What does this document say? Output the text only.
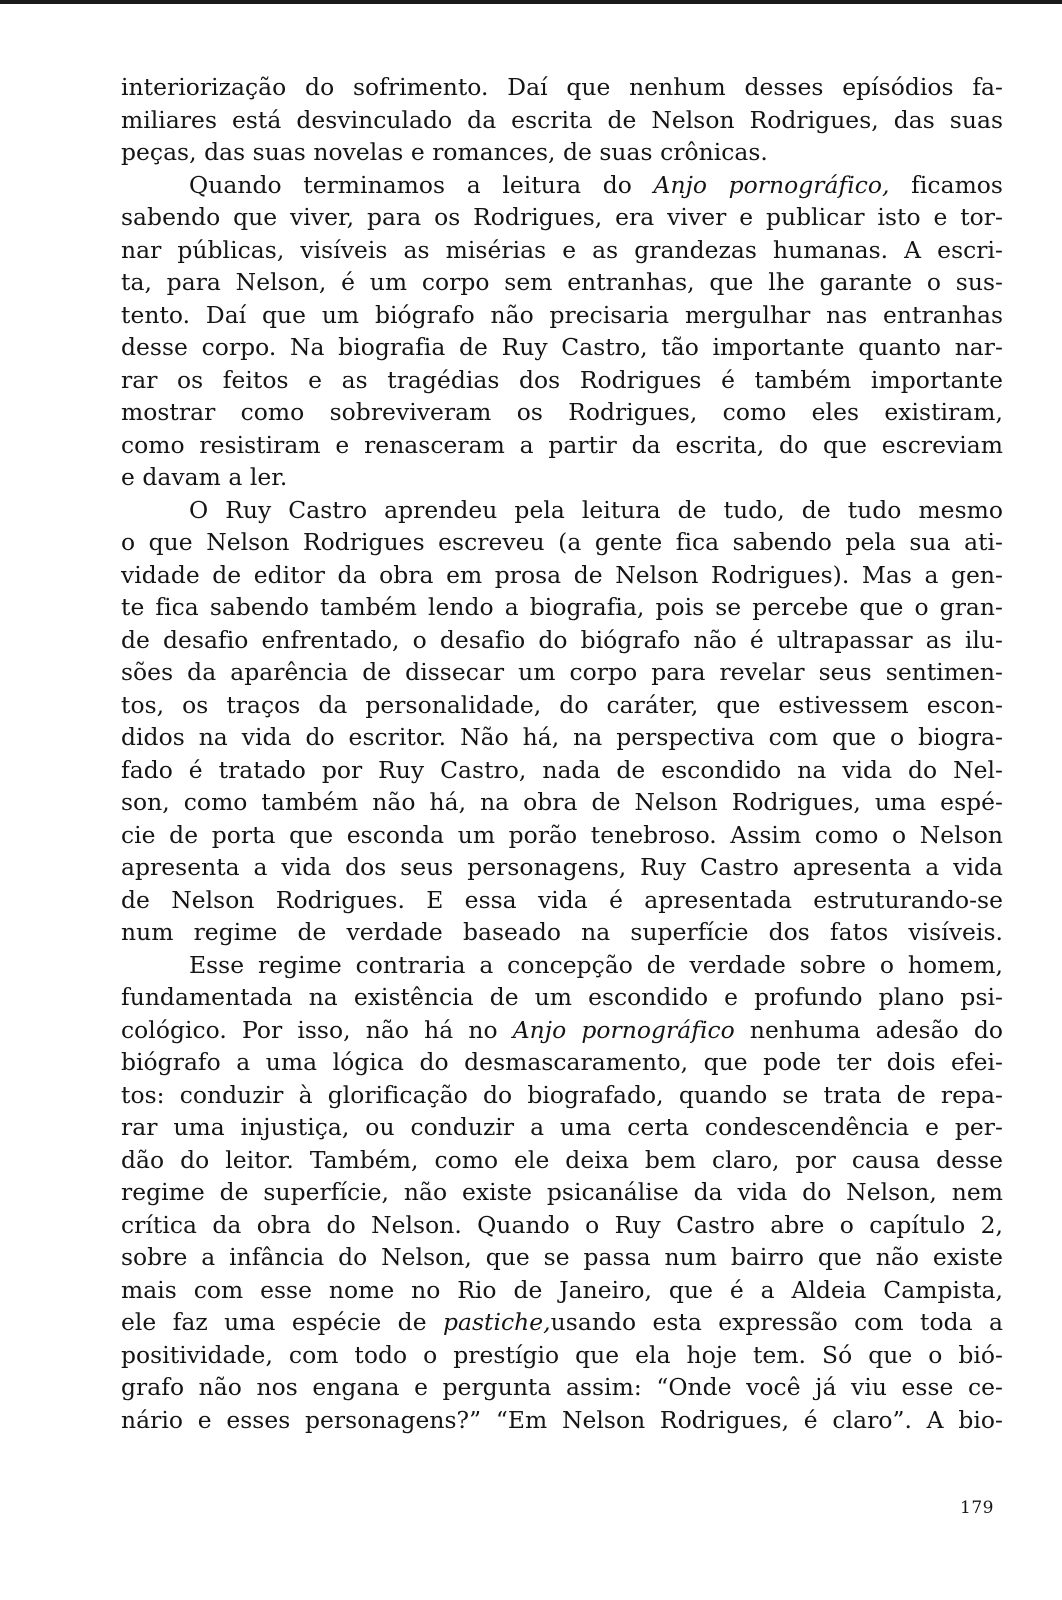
interiorização do sofrimento. Daí que nenhum desses epísódios fa-
miliares está desvinculado da escrita de Nelson Rodrigues, das suas
peças, das suas novelas e romances, de suas crônicas.
Quando terminamos a leitura do Anjo pornográfico, ficamos
sabendo que viver, para os Rodrigues, era viver e publicar isto e tor-
nar públicas, visíveis as misérias e as grandezas humanas. A escri-
ta, para Nelson, é um corpo sem entranhas, que lhe garante o sus-
tento. Daí que um biógrafo não precisaria mergulhar nas entranhas
desse corpo. Na biografia de Ruy Castro, tão importante quanto nar-
rar os feitos e as tragédias dos Rodrigues é também importante
mostrar como sobreviveram os Rodrigues, como eles existiram,
como resistiram e renasceram a partir da escrita, do que escreviam
e davam a ler.
O Ruy Castro aprendeu pela leitura de tudo, de tudo mesmo
o que Nelson Rodrigues escreveu (a gente fica sabendo pela sua ati-
vidade de editor da obra em prosa de Nelson Rodrigues). Mas a gen-
te fica sabendo também lendo a biografia, pois se percebe que o gran-
de desafio enfrentado, o desafio do biógrafo não é ultrapassar as ilu-
sões da aparência de dissecar um corpo para revelar seus sentimen-
tos, os traços da personalidade, do caráter, que estivessem escon-
didos na vida do escritor. Não há, na perspectiva com que o biogra-
fado é tratado por Ruy Castro, nada de escondido na vida do Nel-
son, como também não há, na obra de Nelson Rodrigues, uma espé-
cie de porta que esconda um porão tenebroso. Assim como o Nelson
apresenta a vida dos seus personagens, Ruy Castro apresenta a vida
de Nelson Rodrigues. E essa vida é apresentada estruturando-se
num regime de verdade baseado na superfície dos fatos visíveis.
Esse regime contraria a concepção de verdade sobre o homem,
fundamentada na existência de um escondido e profundo plano psi-
cológico. Por isso, não há no Anjo pornográfico nenhuma adesão do
biógrafo a uma lógica do desmascaramento, que pode ter dois efei-
tos: conduzir à glorificação do biografado, quando se trata de repa-
rar uma injustiça, ou conduzir a uma certa condescendência e per-
dão do leitor. Também, como ele deixa bem claro, por causa desse
regime de superfície, não existe psicanálise da vida do Nelson, nem
crítica da obra do Nelson. Quando o Ruy Castro abre o capítulo 2,
sobre a infância do Nelson, que se passa num bairro que não existe
mais com esse nome no Rio de Janeiro, que é a Aldeia Campista,
ele faz uma espécie de pastiche,usando esta expressão com toda a
positividade, com todo o prestígio que ela hoje tem. Só que o bió-
grafo não nos engana e pergunta assim: “Onde você já viu esse ce-
nário e esses personagens?” “Em Nelson Rodrigues, é claro”. A bio-
179
